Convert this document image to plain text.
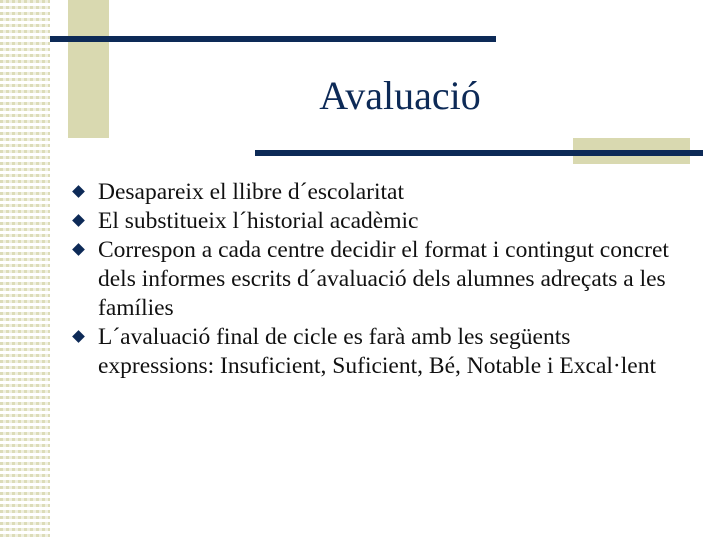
Avaluació
Desapareix el llibre d´escolaritat
El substitueix l´historial acadèmic
Correspon a cada centre decidir el format i contingut concret dels informes escrits d´avaluació dels alumnes adreçats a les famílies
L´avaluació final de cicle es farà amb les següents expressions: Insuficient, Suficient, Bé, Notable i Excal·lent
